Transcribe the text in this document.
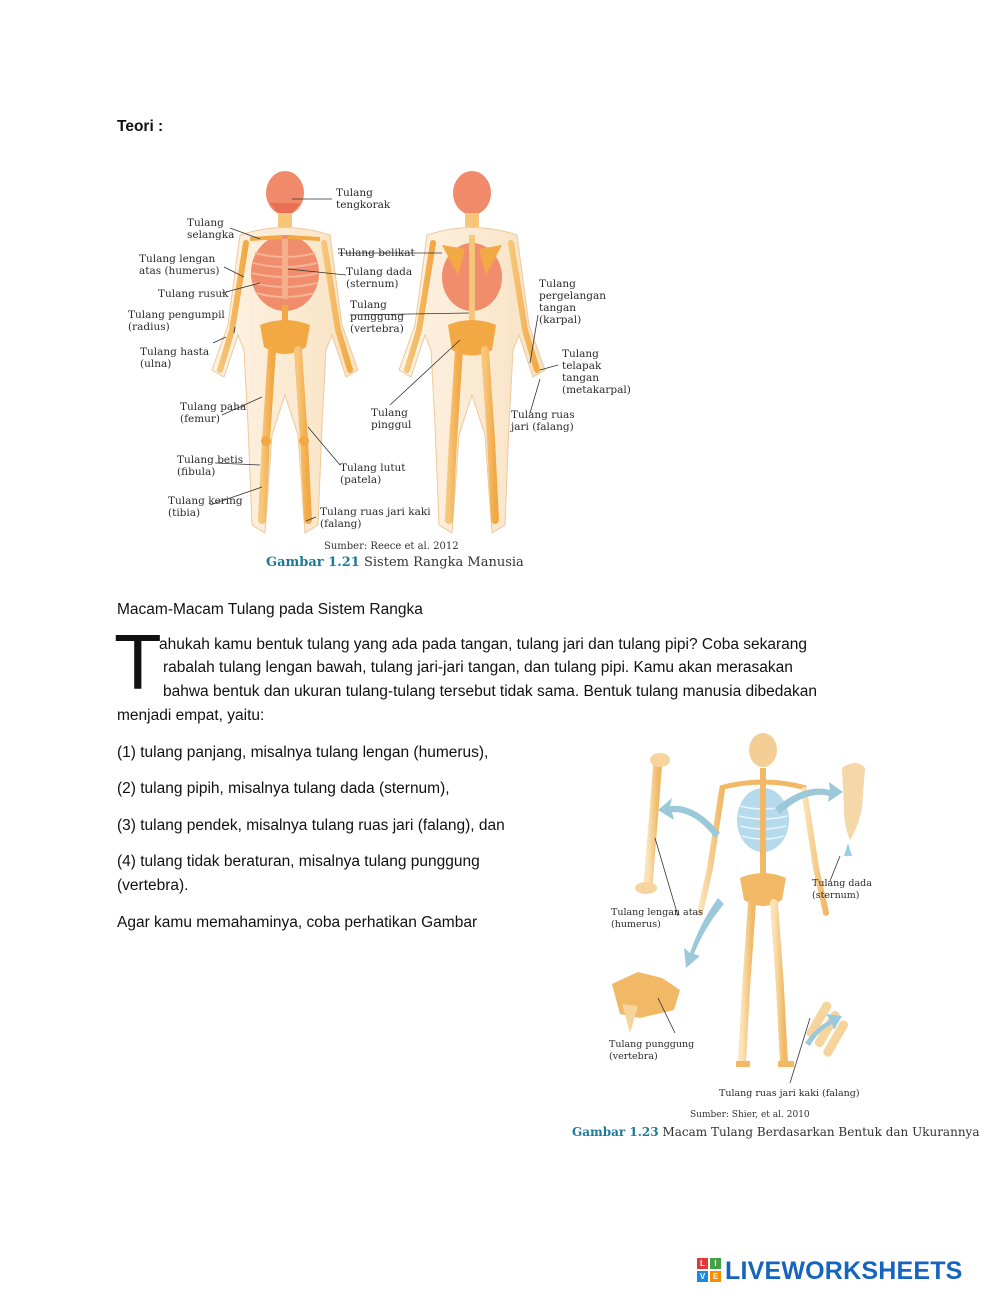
Teori :
Tulang
tengkorak
Tulang
selangka
Tulang lengan
atas (humerus)
Tulang rusuk
Tulang pengumpil
(radius)
Tulang hasta
(ulna)
Tulang paha
(femur)
Tulang betis
(fibula)
Tulang kering
(tibia)
Tulang belikat
Tulang dada
(sternum)
Tulang
punggung
(vertebra)
Tulang
pinggul
Tulang lutut
(patela)
Tulang ruas jari kaki
(falang)
Tulang
pergelangan
tangan
(karpal)
Tulang
telapak
tangan
(metakarpal)
Tulang ruas
jari (falang)
Sumber: Reece et al. 2012
Gambar 1.21 Sistem Rangka Manusia
Macam-Macam Tulang pada Sistem Rangka
T
ahukah kamu bentuk tulang yang ada pada tangan, tulang jari dan tulang pipi? Coba sekarang
rabalah tulang lengan bawah, tulang jari-jari tangan, dan tulang pipi. Kamu akan merasakan
bahwa bentuk dan ukuran tulang-tulang tersebut tidak sama. Bentuk tulang manusia dibedakan
menjadi empat, yaitu:
(1) tulang panjang, misalnya tulang lengan (humerus),
(2) tulang pipih, misalnya tulang dada (sternum),
(3) tulang pendek, misalnya tulang ruas jari (falang), dan
(4) tulang tidak beraturan, misalnya tulang punggung
(vertebra).
Agar kamu memahaminya, coba perhatikan Gambar
Tulang dada
(sternum)
Tulang lengan atas
(humerus)
Tulang punggung
(vertebra)
Tulang ruas jari kaki (falang)
Sumber: Shier, et al. 2010
Gambar 1.23 Macam Tulang Berdasarkan Bentuk dan Ukurannya
L	I
V E LIVEWORKSHEETS
